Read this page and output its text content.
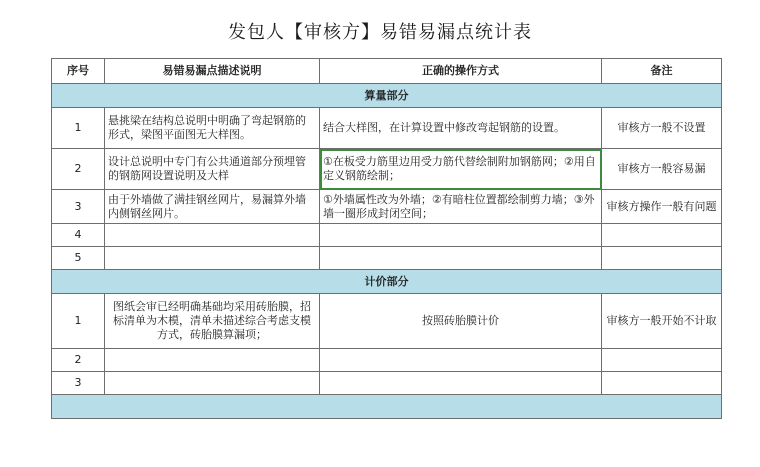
发包人【审核方】易错易漏点统计表
序号	易错易漏点描述说明	正确的操作方式	备注
算量部分			
1	悬挑梁在结构总说明中明确了弯起钢筋的形式，梁图平面图无大样图。	结合大样图，在计算设置中修改弯起钢筋的设置。	审核方一般不设置
2	设计总说明中专门有公共通道部分预埋管的钢筋网设置说明及大样	①在板受力筋里边用受力筋代替绘制附加钢筋网；②用自定义钢筋绘制；	审核方一般容易漏
3	由于外墙做了满挂钢丝网片，易漏算外墙内侧钢丝网片。	①外墙属性改为外墙；②有暗柱位置都绘制剪力墙；③外墙一圈形成封闭空间；	审核方操作一般有问题
4			
5			
计价部分			
1	图纸会审已经明确基础均采用砖胎膜，招标清单为木模，清单未描述综合考虑支模方式，砖胎膜算漏项；	按照砖胎膜计价	审核方一般开始不计取
2			
3			
